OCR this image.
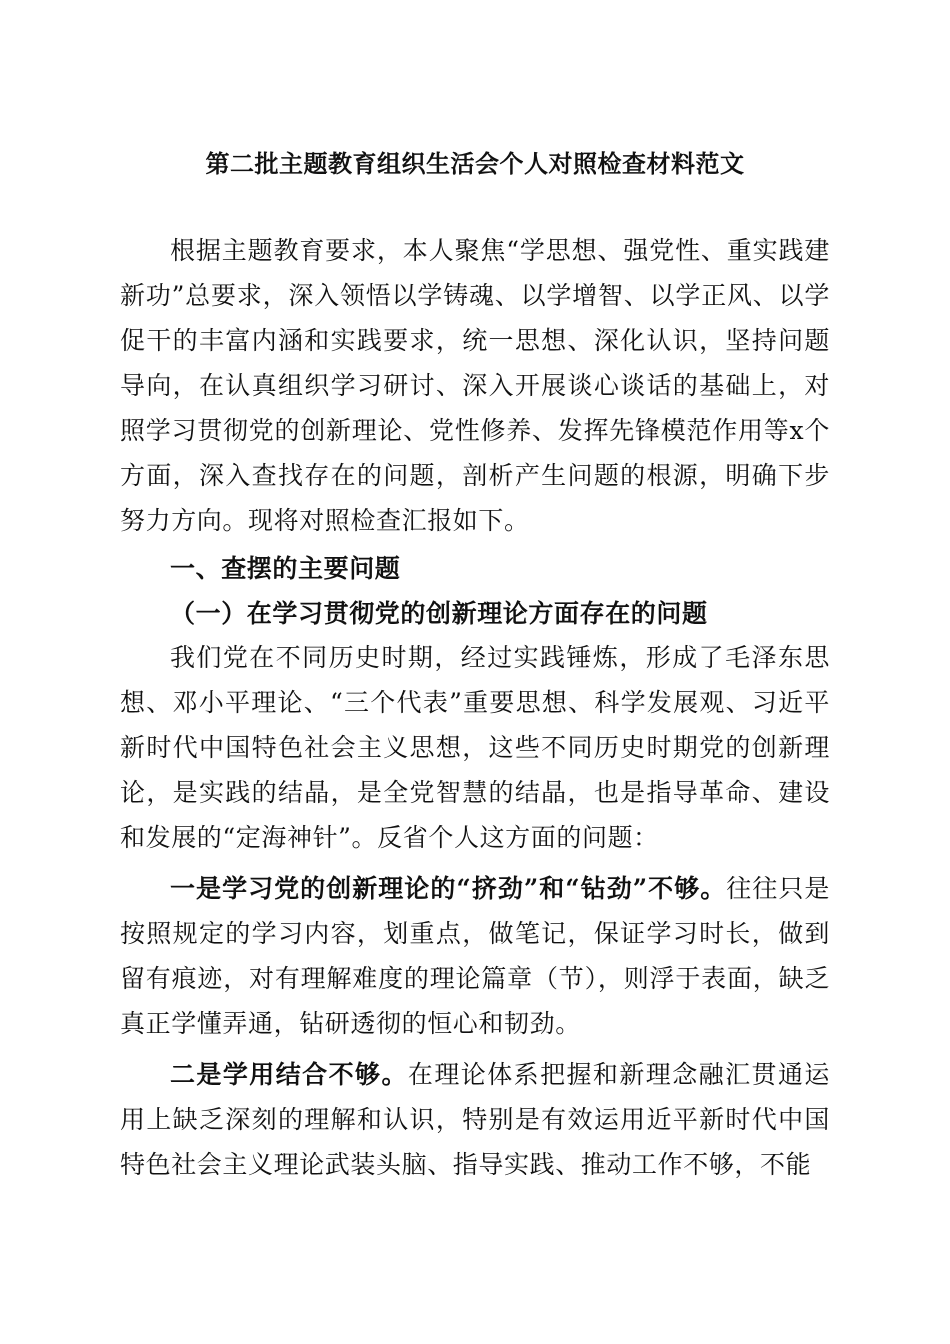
第二批主题教育组织生活会个人对照检查材料范文

根据主题教育要求，本人聚焦“学思想、强党性、重实践建新功”总要求，深入领悟以学铸魂、以学增智、以学正风、以学促干的丰富内涵和实践要求，统一思想、深化认识，坚持问题导向，在认真组织学习研讨、深入开展谈心谈话的基础上，对照学习贯彻党的创新理论、党性修养、发挥先锋模范作用等x个方面，深入查找存在的问题，剖析产生问题的根源，明确下步努力方向。现将对照检查汇报如下。

一、查摆的主要问题

（一）在学习贯彻党的创新理论方面存在的问题

我们党在不同历史时期，经过实践锤炼，形成了毛泽东思想、邓小平理论、“三个代表”重要思想、科学发展观、习近平新时代中国特色社会主义思想，这些不同历史时期党的创新理论，是实践的结晶，是全党智慧的结晶，也是指导革命、建设和发展的“定海神针”。反省个人这方面的问题：

一是学习党的创新理论的“挤劲”和“钻劲”不够。往往只是按照规定的学习内容，划重点，做笔记，保证学习时长，做到留有痕迹，对有理解难度的理论篇章（节），则浮于表面，缺乏真正学懂弄通，钻研透彻的恒心和韧劲。

二是学用结合不够。在理论体系把握和新理念融汇贯通运用上缺乏深刻的理解和认识，特别是有效运用近平新时代中国特色社会主义理论武装头脑、指导实践、推动工作不够，不能
